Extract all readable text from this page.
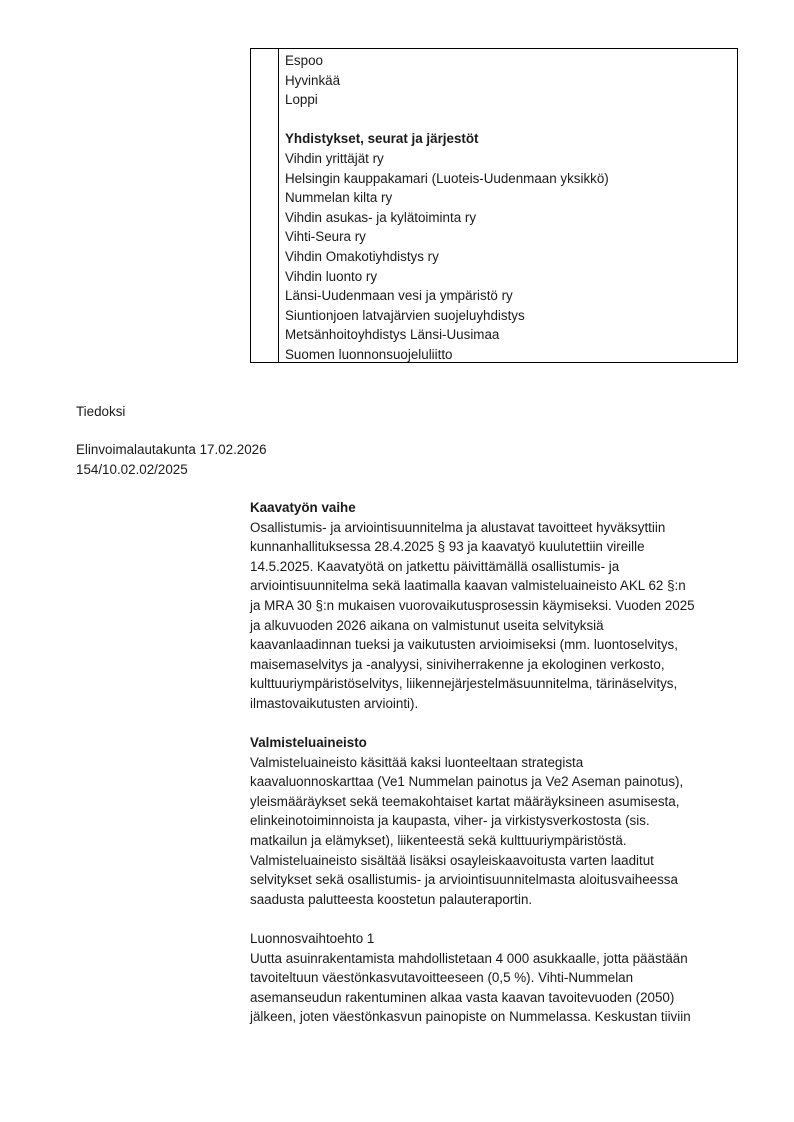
Espoo
Hyvinkää
Loppi
Yhdistykset, seurat ja järjestöt
Vihdin yrittäjät ry
Helsingin kauppakamari (Luoteis-Uudenmaan yksikkö)
Nummelan kilta ry
Vihdin asukas- ja kylätoiminta ry
Vihti-Seura ry
Vihdin Omakotiyhdistys ry
Vihdin luonto ry
Länsi-Uudenmaan vesi ja ympäristö ry
Siuntionjoen latvajärvien suojeluyhdistys
Metsänhoitoyhdistys Länsi-Uusimaa
Suomen luonnonsuojeluliitto
Tiedoksi
Elinvoimalautakunta 17.02.2026
154/10.02.02/2025
Kaavatyön vaihe
Osallistumis- ja arviointisuunnitelma ja alustavat tavoitteet hyväksyttiin
kunnanhallituksessa 28.4.2025 § 93 ja kaavatyö kuulutettiin vireille
14.5.2025. Kaavatyötä on jatkettu päivittämällä osallistumis- ja
arviointisuunnitelma sekä laatimalla kaavan valmisteluaineisto AKL 62 §:n
ja MRA 30 §:n mukaisen vuorovaikutusprosessin käymiseksi. Vuoden 2025
ja alkuvuoden 2026 aikana on valmistunut useita selvityksiä
kaavanlaadinnan tueksi ja vaikutusten arvioimiseksi (mm. luontoselvitys,
maisemaselvitys ja -analyysi, siniviherrakenne ja ekologinen verkosto,
kulttuuriympäristöselvitys, liikennejärjestelmäsuunnitelma, tärinäselvitys,
ilmastovaikutusten arviointi).
Valmisteluaineisto
Valmisteluaineisto käsittää kaksi luonteeltaan strategista
kaavaluonnoskarttaa (Ve1 Nummelan painotus ja Ve2 Aseman painotus),
yleismääräykset sekä teemakohtaiset kartat määräyksineen asumisesta,
elinkeinotoiminnoista ja kaupasta, viher- ja virkistysverkostosta (sis.
matkailun ja elämykset), liikenteestä sekä kulttuuriympäristöstä.
Valmisteluaineisto sisältää lisäksi osayleiskaavoitusta varten laaditut
selvitykset sekä osallistumis- ja arviointisuunnitelmasta aloitusvaiheessa
saadusta palutteesta koostetun palauteraportin.
Luonnosvaihtoehto 1
Uutta asuinrakentamista mahdollistetaan 4 000 asukkaalle, jotta päästään
tavoiteltuun väestönkasvutavoitteeseen (0,5 %). Vihti-Nummelan
asemanseudun rakentuminen alkaa vasta kaavan tavoitevuoden (2050)
jälkeen, joten väestönkasvun painopiste on Nummelassa. Keskustan tiiviin
